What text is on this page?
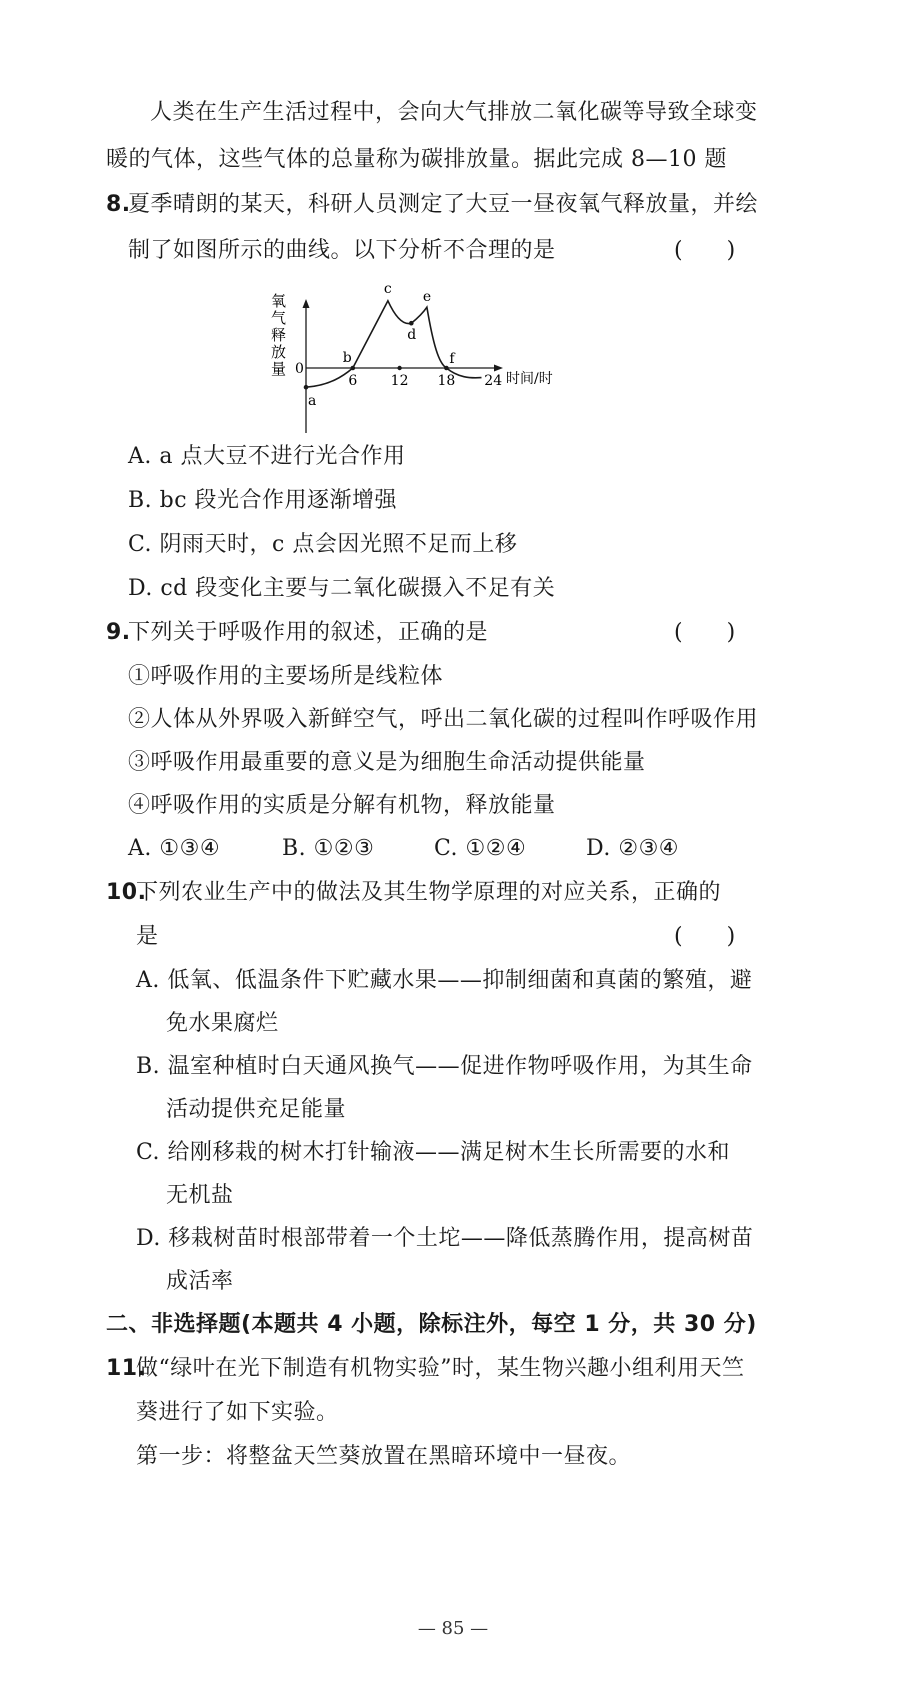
人类在生产生活过程中，会向大气排放二氧化碳等导致全球变
暖的气体，这些气体的总量称为碳排放量。据此完成 8—10 题
8.
夏季晴朗的某天，科研人员测定了大豆一昼夜氧气释放量，并绘
制了如图所示的曲线。以下分析不合理的是	(　　)
0
时间/时
氧
气
释
放
量
6 12 18 24
a
b
c
d
e
f
A. a 点大豆不进行光合作用
B. bc 段光合作用逐渐增强
C. 阴雨天时，c 点会因光照不足而上移
D. cd 段变化主要与二氧化碳摄入不足有关
9.
下列关于呼吸作用的叙述，正确的是	(　　)
①呼吸作用的主要场所是线粒体
②人体从外界吸入新鲜空气，呼出二氧化碳的过程叫作呼吸作用
③呼吸作用最重要的意义是为细胞生命活动提供能量
④呼吸作用的实质是分解有机物，释放能量
A. ①③④	B. ①②③	C. ①②④	D. ②③④
10.
下列农业生产中的做法及其生物学原理的对应关系，正确的
是	(　　)
A. 低氧、低温条件下贮藏水果——抑制细菌和真菌的繁殖，避
免水果腐烂
B. 温室种植时白天通风换气——促进作物呼吸作用，为其生命
活动提供充足能量
C. 给刚移栽的树木打针输液——满足树木生长所需要的水和
无机盐
D. 移栽树苗时根部带着一个土坨——降低蒸腾作用，提高树苗
成活率
二、非选择题(本题共 4 小题，除标注外，每空 1 分，共 30 分)
11.
做“绿叶在光下制造有机物实验”时，某生物兴趣小组利用天竺
葵进行了如下实验。
第一步：将整盆天竺葵放置在黑暗环境中一昼夜。
— 85 —
